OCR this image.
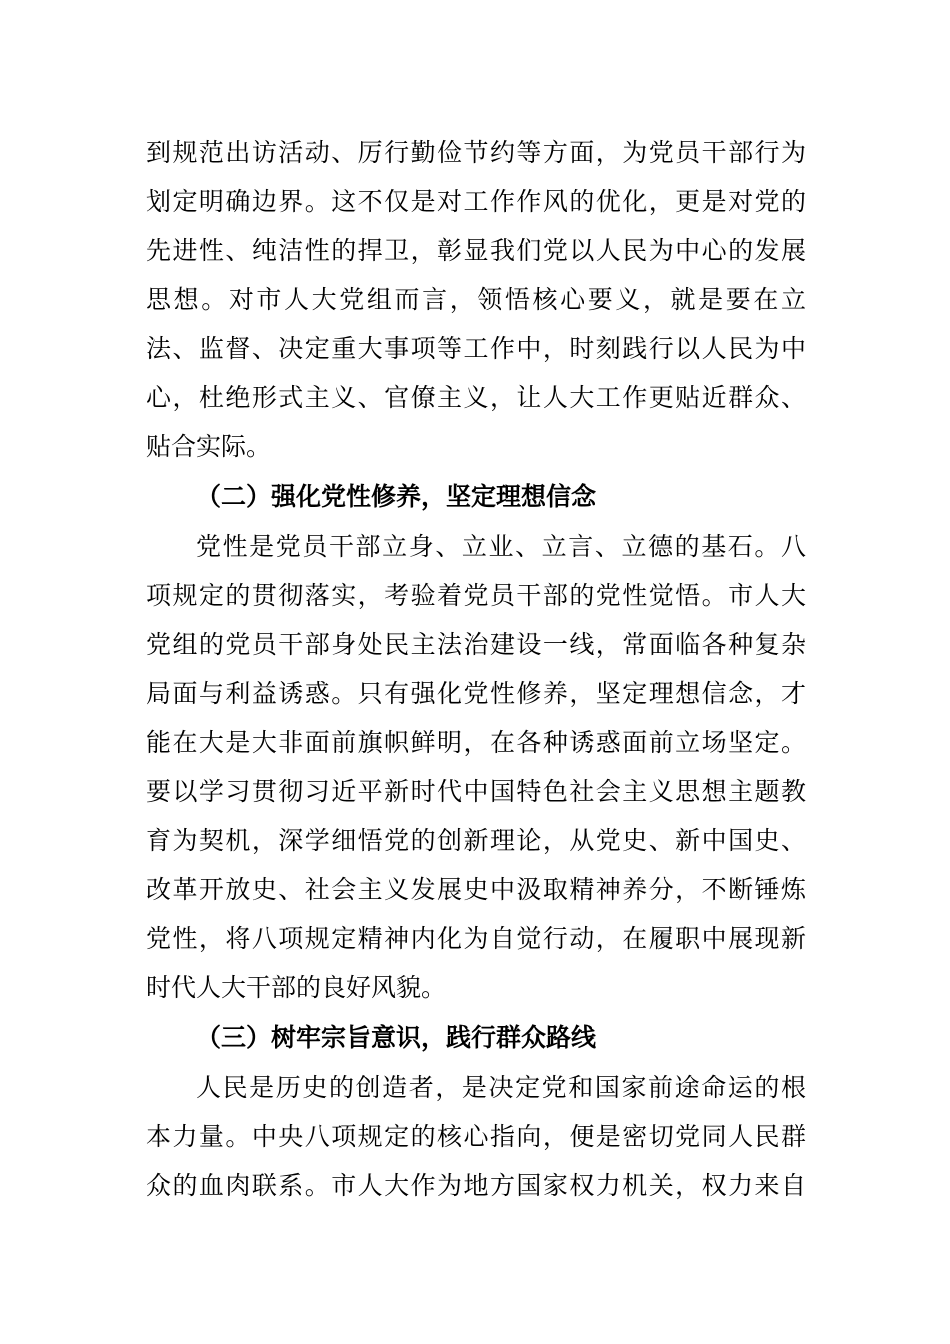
到规范出访活动、厉行勤俭节约等方面，为党员干部行为
划定明确边界。这不仅是对工作作风的优化，更是对党的
先进性、纯洁性的捍卫，彰显我们党以人民为中心的发展
思想。对市人大党组而言，领悟核心要义，就是要在立
法、监督、决定重大事项等工作中，时刻践行以人民为中
心，杜绝形式主义、官僚主义，让人大工作更贴近群众、
贴合实际。
（二）强化党性修养，坚定理想信念
党性是党员干部立身、立业、立言、立德的基石。八
项规定的贯彻落实，考验着党员干部的党性觉悟。市人大
党组的党员干部身处民主法治建设一线，常面临各种复杂
局面与利益诱惑。只有强化党性修养，坚定理想信念，才
能在大是大非面前旗帜鲜明，在各种诱惑面前立场坚定。
要以学习贯彻习近平新时代中国特色社会主义思想主题教
育为契机，深学细悟党的创新理论，从党史、新中国史、
改革开放史、社会主义发展史中汲取精神养分，不断锤炼
党性，将八项规定精神内化为自觉行动，在履职中展现新
时代人大干部的良好风貌。
（三）树牢宗旨意识，践行群众路线
人民是历史的创造者，是决定党和国家前途命运的根
本力量。中央八项规定的核心指向，便是密切党同人民群
众的血肉联系。市人大作为地方国家权力机关，权力来自
